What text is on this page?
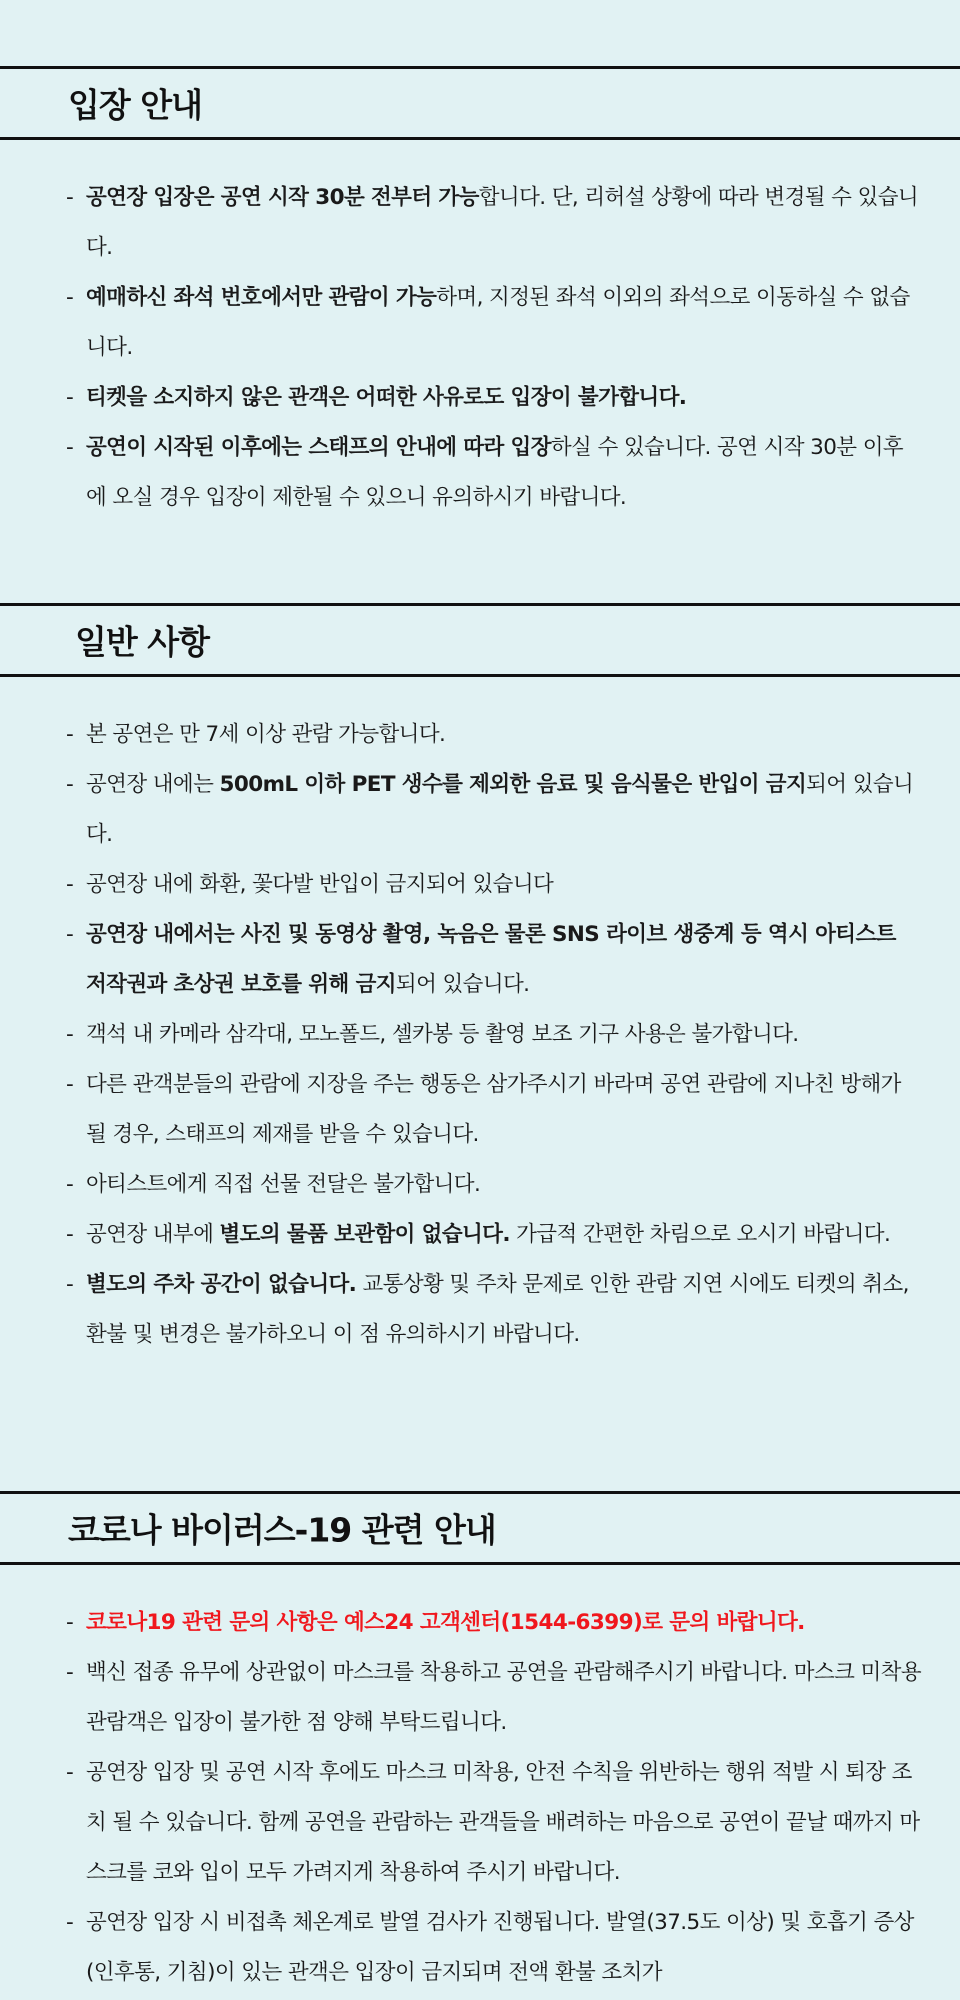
입장 안내
- 공연장 입장은 공연 시작 30분 전부터 가능합니다. 단, 리허설 상황에 따라 변경될 수 있습니다.
- 예매하신 좌석 번호에서만 관람이 가능하며, 지정된 좌석 이외의 좌석으로 이동하실 수 없습니다.
- 티켓을 소지하지 않은 관객은 어떠한 사유로도 입장이 불가합니다.
- 공연이 시작된 이후에는 스태프의 안내에 따라 입장하실 수 있습니다. 공연 시작 30분 이후에 오실 경우 입장이 제한될 수 있으니 유의하시기 바랍니다.
일반 사항
- 본 공연은 만 7세 이상 관람 가능합니다.
- 공연장 내에는 500mL 이하 PET 생수를 제외한 음료 및 음식물은 반입이 금지되어 있습니다.
- 공연장 내에 화환, 꽃다발 반입이 금지되어 있습니다
- 공연장 내에서는 사진 및 동영상 촬영, 녹음은 물론 SNS 라이브 생중계 등 역시 아티스트 저작권과 초상권 보호를 위해 금지되어 있습니다.
- 객석 내 카메라 삼각대, 모노폴드, 셀카봉 등 촬영 보조 기구 사용은 불가합니다.
- 다른 관객분들의 관람에 지장을 주는 행동은 삼가주시기 바라며 공연 관람에 지나친 방해가 될 경우, 스태프의 제재를 받을 수 있습니다.
- 아티스트에게 직접 선물 전달은 불가합니다.
- 공연장 내부에 별도의 물품 보관함이 없습니다. 가급적 간편한 차림으로 오시기 바랍니다.
- 별도의 주차 공간이 없습니다. 교통상황 및 주차 문제로 인한 관람 지연 시에도 티켓의 취소, 환불 및 변경은 불가하오니 이 점 유의하시기 바랍니다.
코로나 바이러스-19 관련 안내
- 코로나19 관련 문의 사항은 예스24 고객센터(1544-6399)로 문의 바랍니다.
- 백신 접종 유무에 상관없이 마스크를 착용하고 공연을 관람해주시기 바랍니다. 마스크 미착용 관람객은 입장이 불가한 점 양해 부탁드립니다.
- 공연장 입장 및 공연 시작 후에도 마스크 미착용, 안전 수칙을 위반하는 행위 적발 시 퇴장 조치 될 수 있습니다. 함께 공연을 관람하는 관객들을 배려하는 마음으로 공연이 끝날 때까지 마스크를 코와 입이 모두 가려지게 착용하여 주시기 바랍니다.
- 공연장 입장 시 비접촉 체온계로 발열 검사가 진행됩니다. 발열(37.5도 이상) 및 호흡기 증상(인후통, 기침)이 있는 관객은 입장이 금지되며 전액 환불 조치가
